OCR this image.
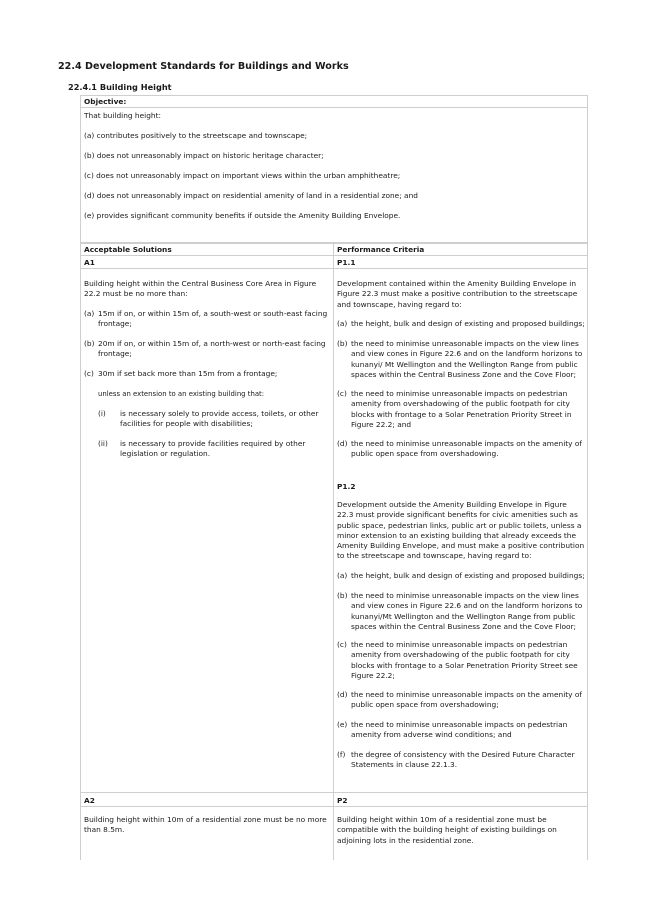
22.4 Development Standards for Buildings and Works
22.4.1 Building Height
Objective:
That building height:
(a) contributes positively to the streetscape and townscape;
(b) does not unreasonably impact on historic heritage character;
(c) does not unreasonably impact on important views within the urban amphitheatre;
(d) does not unreasonably impact on residential amenity of land in a residential zone; and
(e) provides significant community benefits if outside the Amenity Building Envelope.
Acceptable Solutions	Performance Criteria
A1
Building height within the Central Business Core Area in Figure 22.2 must be no more than:
(a) 15m if on, or within 15m of, a south-west or south-east facing frontage;
(b) 20m if on, or within 15m of, a north-west or north-east facing frontage;
(c) 30m if set back more than 15m from a frontage;
unless an extension to an existing building that:
(i) is necessary solely to provide access, toilets, or other facilities for people with disabilities;
(ii) is necessary to provide facilities required by other legislation or regulation.
P1.1
Development contained within the Amenity Building Envelope in Figure 22.3 must make a positive contribution to the streetscape and townscape, having regard to:
(a) the height, bulk and design of existing and proposed buildings;
(b) the need to minimise unreasonable impacts on the view lines and view cones in Figure 22.6 and on the landform horizons to kunanyi/ Mt Wellington and the Wellington Range from public spaces within the Central Business Zone and the Cove Floor;
(c) the need to minimise unreasonable impacts on pedestrian amenity from overshadowing of the public footpath for city blocks with frontage to a Solar Penetration Priority Street in Figure 22.2; and
(d) the need to minimise unreasonable impacts on the amenity of public open space from overshadowing.
P1.2
Development outside the Amenity Building Envelope in Figure 22.3 must provide significant benefits for civic amenities such as public space, pedestrian links, public art or public toilets, unless a minor extension to an existing building that already exceeds the Amenity Building Envelope, and must make a positive contribution to the streetscape and townscape, having regard to:
(a) the height, bulk and design of existing and proposed buildings;
(b) the need to minimise unreasonable impacts on the view lines and view cones in Figure 22.6 and on the landform horizons to kunanyi/Mt Wellington and the Wellington Range from public spaces within the Central Business Zone and the Cove Floor;
(c) the need to minimise unreasonable impacts on pedestrian amenity from overshadowing of the public footpath for city blocks with frontage to a Solar Penetration Priority Street see Figure 22.2;
(d) the need to minimise unreasonable impacts on the amenity of public open space from overshadowing;
(e) the need to minimise unreasonable impacts on pedestrian amenity from adverse wind conditions; and
(f) the degree of consistency with the Desired Future Character Statements in clause 22.1.3.
A2
Building height within 10m of a residential zone must be no more than 8.5m.
P2
Building height within 10m of a residential zone must be compatible with the building height of existing buildings on adjoining lots in the residential zone.
